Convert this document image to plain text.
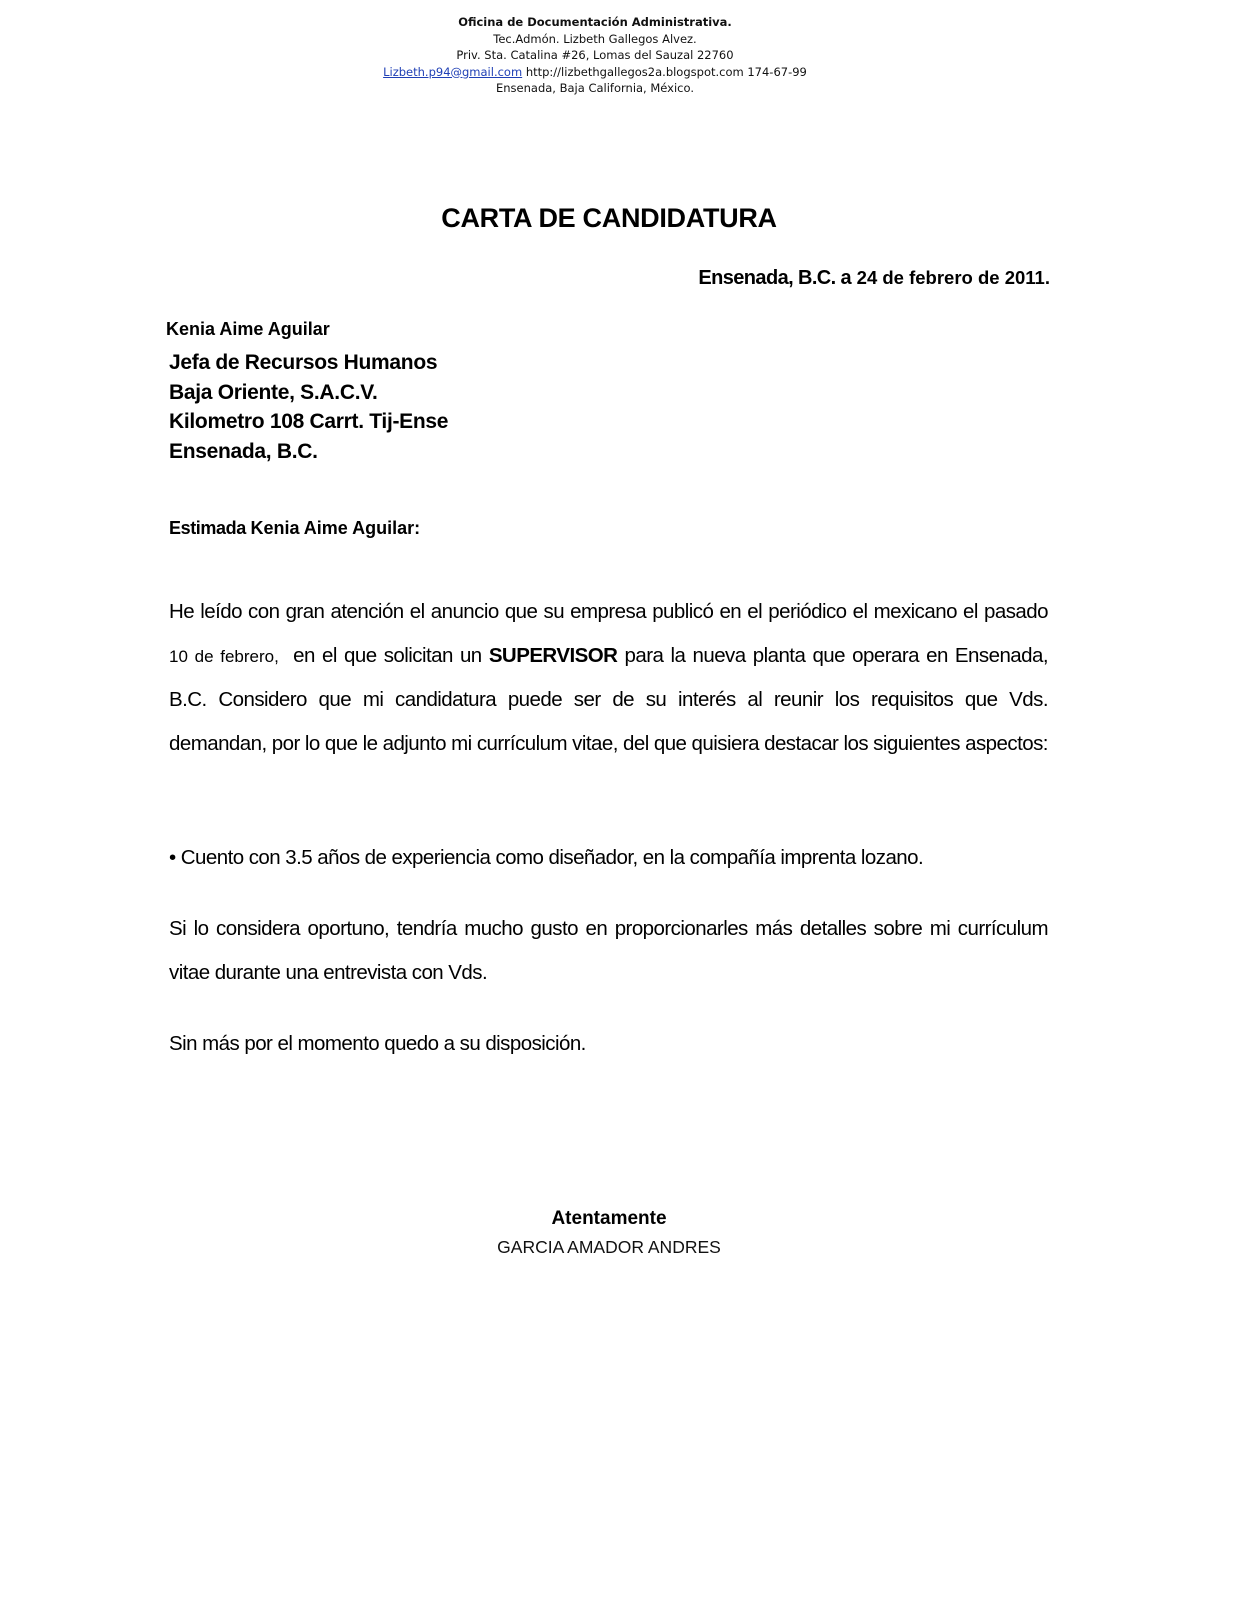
Oficina de Documentación Administrativa.
Tec.Admón. Lizbeth Gallegos Alvez.
Priv. Sta. Catalina #26, Lomas del Sauzal 22760
Lizbeth.p94@gmail.com http://lizbethgallegos2a.blogspot.com 174-67-99
Ensenada, Baja California, México.
CARTA DE CANDIDATURA
Ensenada, B.C. a 24 de febrero de 2011.
Kenia Aime Aguilar
Jefa de Recursos Humanos
Baja Oriente, S.A.C.V.
Kilometro 108 Carrt. Tij-Ense
Ensenada, B.C.
Estimada Kenia Aime Aguilar:
He leído con gran atención el anuncio que su empresa publicó en el periódico el mexicano el pasado 10 de febrero, en el que solicitan un SUPERVISOR para la nueva planta que operara en Ensenada, B.C. Considero que mi candidatura puede ser de su interés al reunir los requisitos que Vds. demandan, por lo que le adjunto mi currículum vitae, del que quisiera destacar los siguientes aspectos:
• Cuento con 3.5 años de experiencia como diseñador, en la compañía imprenta lozano.
Si lo considera oportuno, tendría mucho gusto en proporcionarles más detalles sobre mi currículum vitae durante una entrevista con Vds.
Sin más por el momento quedo a su disposición.
Atentamente
GARCIA AMADOR ANDRES
